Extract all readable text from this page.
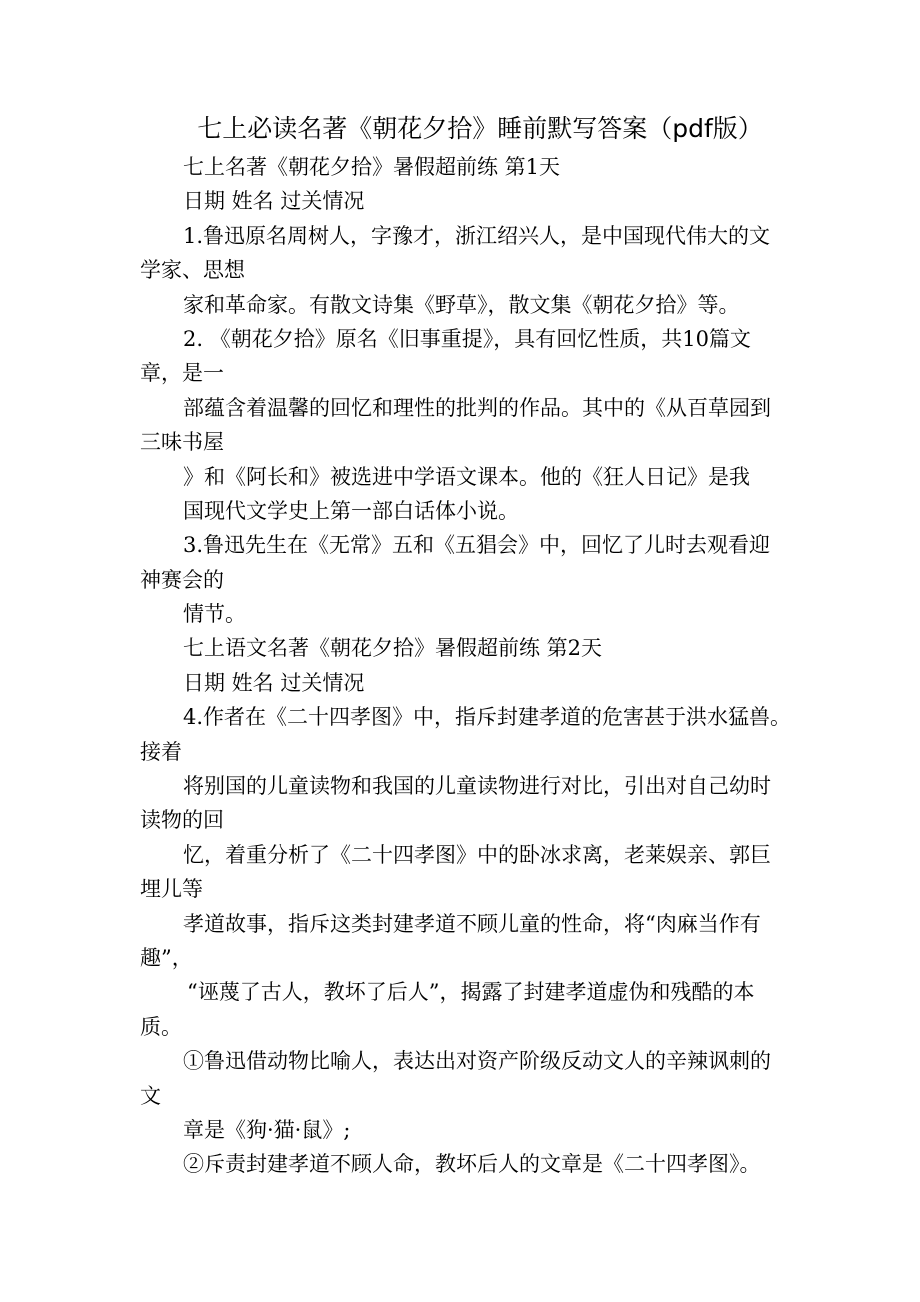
七上必读名著《朝花夕拾》睡前默写答案（pdf版）
七上名著《朝花夕拾》暑假超前练 第1天
日期 姓名 过关情况
1.鲁迅原名周树人，字豫才，浙江绍兴人，是中国现代伟大的文
学家、思想
家和革命家。有散文诗集《野草》，散文集《朝花夕拾》等。
2. 《朝花夕拾》原名《旧事重提》，具有回忆性质，共10篇文
章，是一
部蕴含着温馨的回忆和理性的批判的作品。其中的《从百草园到
三味书屋
》和《阿长和》被选进中学语文课本。他的《狂人日记》是我
国现代文学史上第一部白话体小说。
3.鲁迅先生在《无常》五和《五猖会》中，回忆了儿时去观看迎
神赛会的
情节。
七上语文名著《朝花夕拾》暑假超前练 第2天
日期 姓名 过关情况
4.作者在《二十四孝图》中，指斥封建孝道的危害甚于洪水猛兽。
接着
将别国的儿童读物和我国的儿童读物进行对比，引出对自己幼时
读物的回
忆，着重分析了《二十四孝图》中的卧冰求离，老莱娱亲、郭巨
埋儿等
孝道故事，指斥这类封建孝道不顾儿童的性命，将“肉麻当作有
趣”，
“诬蔑了古人，教坏了后人”，揭露了封建孝道虚伪和残酷的本
质。
①鲁迅借动物比喻人，表达出对资产阶级反动文人的辛辣讽刺的
文
章是《狗·猫·鼠》;
②斥责封建孝道不顾人命，教坏后人的文章是《二十四孝图》。
